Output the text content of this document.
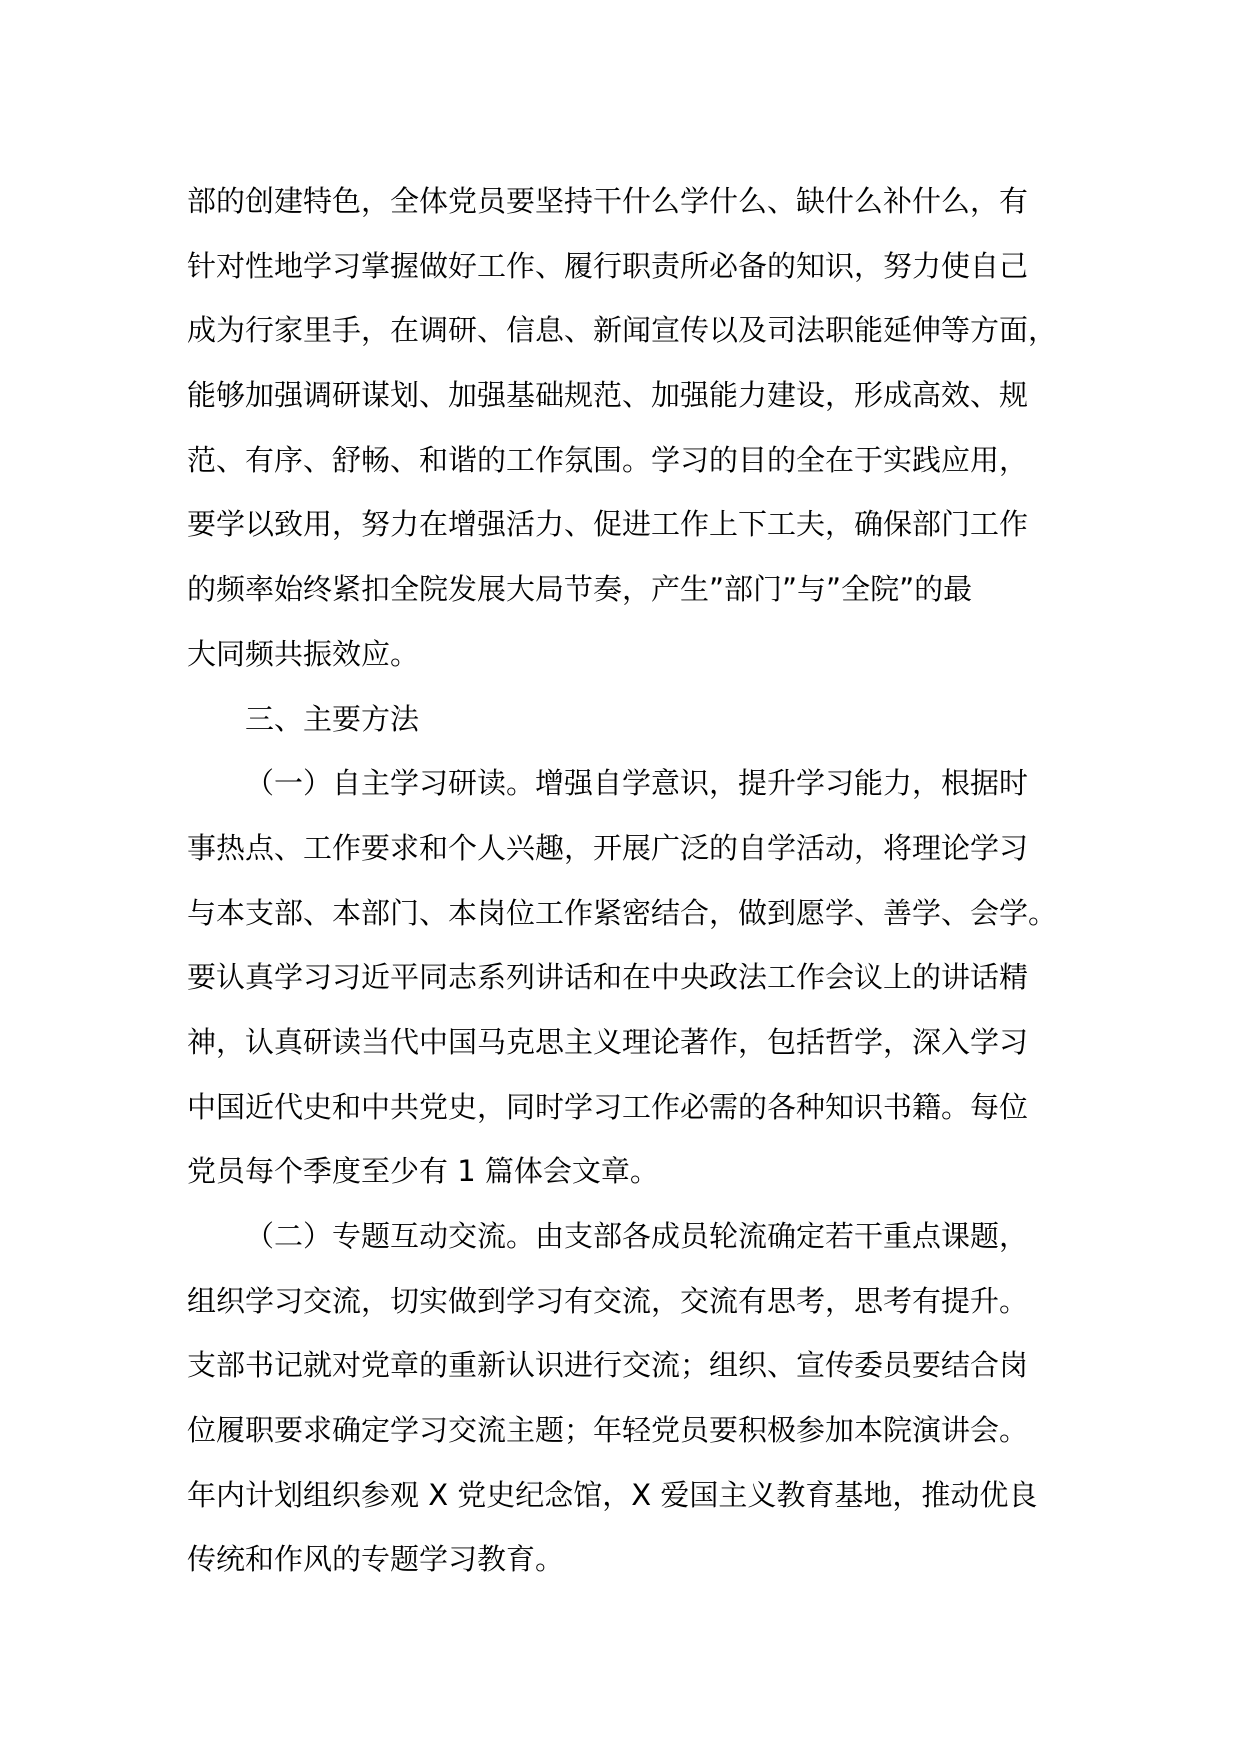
部的创建特色，全体党员要坚持干什么学什么、缺什么补什么，有
针对性地学习掌握做好工作、履行职责所必备的知识，努力使自己
成为行家里手，在调研、信息、新闻宣传以及司法职能延伸等方面，
能够加强调研谋划、加强基础规范、加强能力建设，形成高效、规
范、有序、舒畅、和谐的工作氛围。学习的目的全在于实践应用，
要学以致用，努力在增强活力、促进工作上下工夫，确保部门工作
的频率始终紧扣全院发展大局节奏，产生”部门”与”全院”的最
大同频共振效应。
三、主要方法
（一）自主学习研读。增强自学意识，提升学习能力，根据时
事热点、工作要求和个人兴趣，开展广泛的自学活动，将理论学习
与本支部、本部门、本岗位工作紧密结合，做到愿学、善学、会学。
要认真学习习近平同志系列讲话和在中央政法工作会议上的讲话精
神，认真研读当代中国马克思主义理论著作，包括哲学，深入学习
中国近代史和中共党史，同时学习工作必需的各种知识书籍。每位
党员每个季度至少有 1 篇体会文章。
（二）专题互动交流。由支部各成员轮流确定若干重点课题，
组织学习交流，切实做到学习有交流，交流有思考，思考有提升。
支部书记就对党章的重新认识进行交流；组织、宣传委员要结合岗
位履职要求确定学习交流主题；年轻党员要积极参加本院演讲会。
年内计划组织参观 X 党史纪念馆，X 爱国主义教育基地，推动优良
传统和作风的专题学习教育。
